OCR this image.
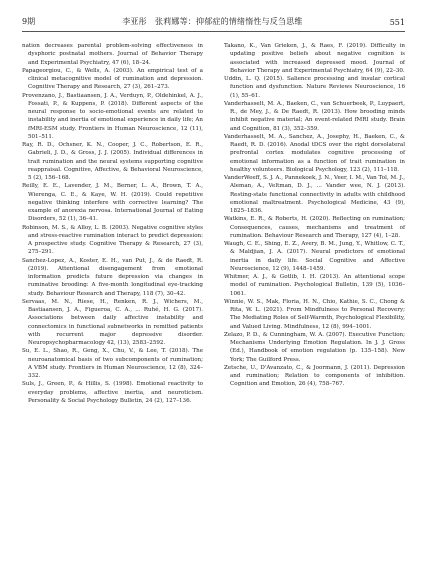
9期	李亚彤　张莉娜等：抑郁症的情绪惰性与反刍思维	551

nation decreases parental problem-solving effectiveness in dysphoric postnatal mothers. Journal of Behavior Therapy and Experimental Psychiatry, 47 (6), 18–24.

Papageorgiou, C., & Wells, A. (2003). An empirical test of a clinical metacognitive model of rumination and depression. Cognitive Therapy and Research, 27 (3), 261–273.

Provenzano, J., Bastiaansen, J. A., Verduyn, P., Oldehinkel, A. J., Fossati, P., & Kuppens, P. (2018). Different aspects of the neural response to socio-emotional events are related to instability and inertia of emotional experience in daily life; An fMRI-ESM study. Frontiers in Human Neuroscience, 12 (11), 501–511.

Ray, R. D., Ochsner, K. N., Cooper, J. C., Robertson, E. R., Gabrieli, J. D., & Gross, J. J. (2005). Individual differences in trait rumination and the neural systems supporting cognitive reappraisal. Cognitive, Affective, & Behavioral Neuroscience, 5 (2), 156–168.

Reilly, E. E., Lavender, J. M., Berner, L. A., Brown, T. A., Wierenga, C. E., & Kaye, W. H. (2019). Could repetitive negative thinking interfere with corrective learning? The example of anorexia nervosa. International Journal of Eating Disorders, 52 (1), 36–41.

Robinson, M. S., & Alloy, L. B. (2003). Negative cognitive styles and stress-reactive rumination interact to predict depression: A prospective study. Cognitive Therapy & Research, 27 (3), 275–291.

Sanchez-Lopez, A., Koster, E. H., van Put, J., & de Raedt, R. (2019). Attentional disengagement from emotional information predicts future depression via changes in ruminative brooding: A five-month longitudinal eye-tracking study. Behaviour Research and Therapy, 118 (7), 30–42.

Servaas, M. N., Riese, H., Renken, R. J., Wichers, M., Bastiaansen, J. A., Figueroa, C. A., ... Ruhé, H. G. (2017). Associations between daily affective instability and connectomics in functional subnetworks in remitted patients with recurrent major depressive disorder. Neuropsychopharmacology 42, (13), 2583–2592.

Su, E. L., Shao, R., Geng, X., Chu, V., & Lee, T. (2018). The neuroanatomical basis of two subcomponents of rumination; A VBM study. Frontiers in Human Neuroscience, 12 (8), 324–332.

Suls, J., Green, P., & Hillis, S. (1998). Emotional reactivity to everyday problems, affective inertia, and neuroticism. Personality & Social Psychology Bulletin, 24 (2), 127–136.

Takano, K., Van Grieken, J., & Raes, F. (2019). Difficulty in updating positive beliefs about negative cognition is associated with increased depressed mood. Journal of Behavior Therapy and Experimental Psychiatry, 64 (9), 22–30.

Uddin, L. Q. (2015). Salience processing and insular cortical function and dysfunction. Nature Reviews Neuroscience, 16 (1), 55–61.

Vanderhasselt, M. A., Baeken, C., van Schuerbeek, P., Luypaert, R., de Mey, J., & De Raedt, R. (2013). How brooding minds inhibit negative material; An event-related fMRI study. Brain and Cognition, 81 (3), 352–359.

Vanderhasselt, M. A., Sanchez, A., Josephy, H., Baeken, C., & Raedt, R. D. (2016). Anodal tDCS over the right dorsolateral prefrontal cortex modulates cognitive processing of emotional information as a function of trait rumination in healthy volunteers. Biological Psychology, 123 (2), 111–118.

VanderWeeff, S. J. A., Pannekoek, J. N., Veer, I. M., Van Tol, M. J., Aleman, A., Veltman, D. J., ... Vander wee, N. J. (2013). Resting-state functional connectivity in adults with childhood emotional maltreatment. Psychological Medicine, 43 (9), 1825–1836.

Watkins, E. R., & Roberts, H. (2020). Reflecting on rumination; Consequences, causes, mechanisms and treatment of rumination. Behaviour Research and Therapy, 127 (4), 1–28.

Waugh, C. E., Shing, E. Z., Avery, B. M., Jung, Y., Whitlow, C. T., & Maldjian, J. A. (2017). Neural predictors of emotional inertia in daily life. Social Cognitive and Affective Neuroscience, 12 (9), 1448–1459.

Whitmer, A. J., & Gotlib, I. H. (2013). An attentional scope model of rumination. Psychological Bulletin, 139 (5), 1036–1061.

Winnie, W. S., Mak, Floria, H. N., Chio, Kathie, S. C., Chong & Rita, W. L. (2021). From Mindfulness to Personal Recovery; The Mediating Roles of Self-Warmth, Psychological Flexibility, and Valued Living. Mindfulness, 12 (8), 994–1001.

Zelazo, P. D., & Cunningham, W. A. (2007). Executive Function; Mechanisms Underlying Emotion Regulation. In J. J. Gross (Ed.), Handbook of emotion regulation (p. 135–158). New York; The Guilford Press.

Zetsche, U., D'Avanzato, C., & Joormann, J. (2011). Depression and rumination; Relation to components of inhibition. Cognition and Emotion, 26 (4), 758–767.
